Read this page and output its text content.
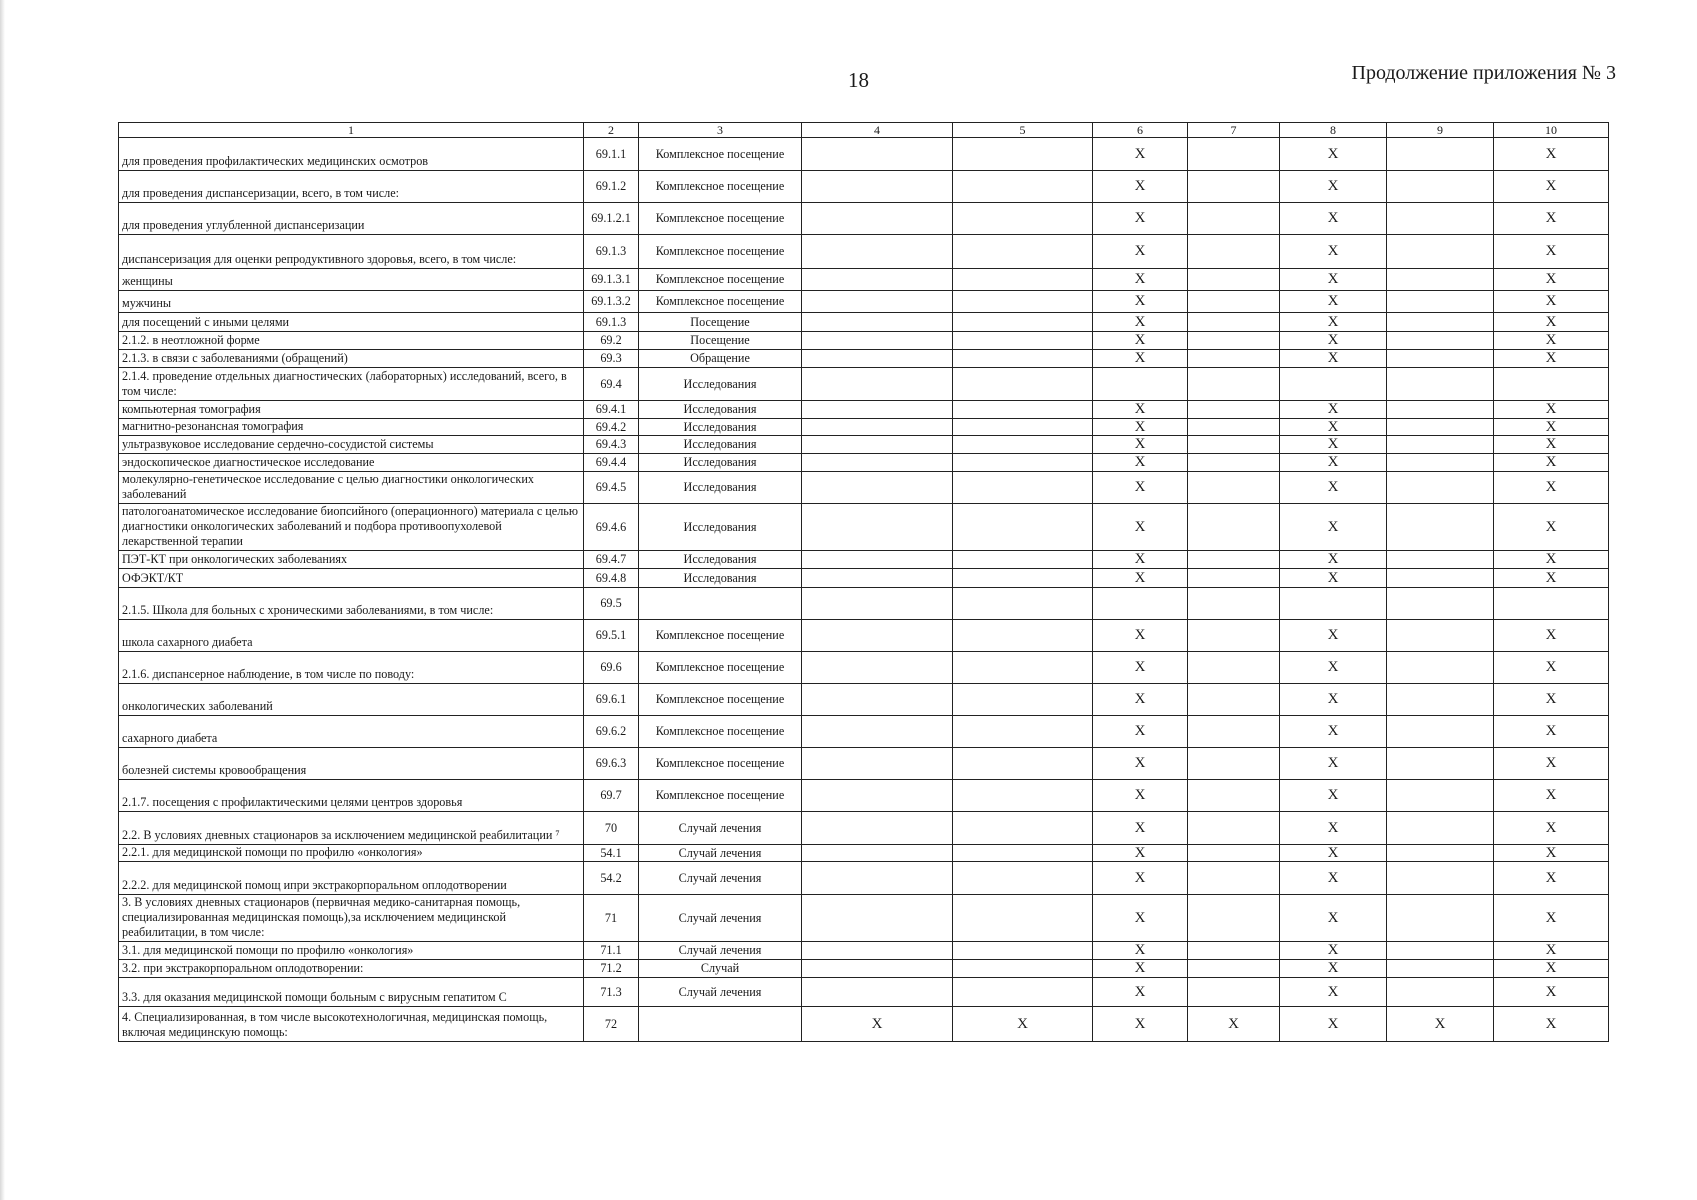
18	Продолжение приложения № 3
1	2	3	4	5	6	7	8	9	10
для проведения профилактических медицинских осмотров	69.1.1	Комплексное посещение			X		X		X
для проведения диспансеризации, всего, в том числе:	69.1.2	Комплексное посещение			X		X		X
для проведения углубленной диспансеризации	69.1.2.1	Комплексное посещение			X		X		X
диспансеризация для оценки репродуктивного здоровья, всего, в том числе:	69.1.3	Комплексное посещение			X		X		X
женщины	69.1.3.1	Комплексное посещение			X		X		X
мужчины	69.1.3.2	Комплексное посещение			X		X		X
для посещений с иными целями	69.1.3	Посещение			X		X		X
2.1.2. в неотложной форме	69.2	Посещение			X		X		X
2.1.3. в связи с заболеваниями (обращений)	69.3	Обращение			X		X		X
2.1.4. проведение отдельных диагностических (лабораторных) исследований, всего, в том числе:	69.4	Исследования							
компьютерная томография	69.4.1	Исследования			X		X		X
магнитно-резонансная томография	69.4.2	Исследования			X		X		X
ультразвуковое исследование сердечно-сосудистой системы	69.4.3	Исследования			X		X		X
эндоскопическое диагностическое исследование	69.4.4	Исследования			X		X		X
молекулярно-генетическое исследование с целью диагностики онкологических заболеваний	69.4.5	Исследования			X		X		X
патологоанатомическое исследование биопсийного (операционного) материала с целью диагностики онкологических заболеваний и подбора противоопухолевой лекарственной терапии	69.4.6	Исследования			X		X		X
ПЭТ-КТ при онкологических заболеваниях	69.4.7	Исследования			X		X		X
ОФЭКТ/КТ	69.4.8	Исследования			X		X		X
2.1.5. Школа для больных с хроническими заболеваниями, в том числе:	69.5								
школа сахарного диабета	69.5.1	Комплексное посещение			X		X		X
2.1.6. диспансерное наблюдение, в том числе по поводу:	69.6	Комплексное посещение			X		X		X
онкологических заболеваний	69.6.1	Комплексное посещение			X		X		X
сахарного диабета	69.6.2	Комплексное посещение			X		X		X
болезней системы кровообращения	69.6.3	Комплексное посещение			X		X		X
2.1.7. посещения с профилактическими целями центров здоровья	69.7	Комплексное посещение			X		X		X
2.2. В условиях дневных стационаров за исключением медицинской реабилитации ⁷	70	Случай лечения			X		X		X
2.2.1. для медицинской помощи по профилю «онкология»	54.1	Случай лечения			X		X		X
2.2.2. для медицинской помощ ипри экстракорпоральном оплодотворении	54.2	Случай лечения			X		X		X
3. В условиях дневных стационаров (первичная медико-санитарная помощь, специализированная медицинская помощь),за исключением медицинской реабилитации, в том числе:	71	Случай лечения			X		X		X
3.1. для медицинской помощи по профилю «онкология»	71.1	Случай лечения			X		X		X
3.2. при экстракорпоральном оплодотворении:	71.2	Случай			X		X		X
3.3. для оказания медицинской помощи больным с вирусным гепатитом С	71.3	Случай лечения			X		X		X
4. Специализированная, в том числе высокотехнологичная, медицинская помощь, включая медицинскую помощь:	72		X	X	X	X	X	X	X
